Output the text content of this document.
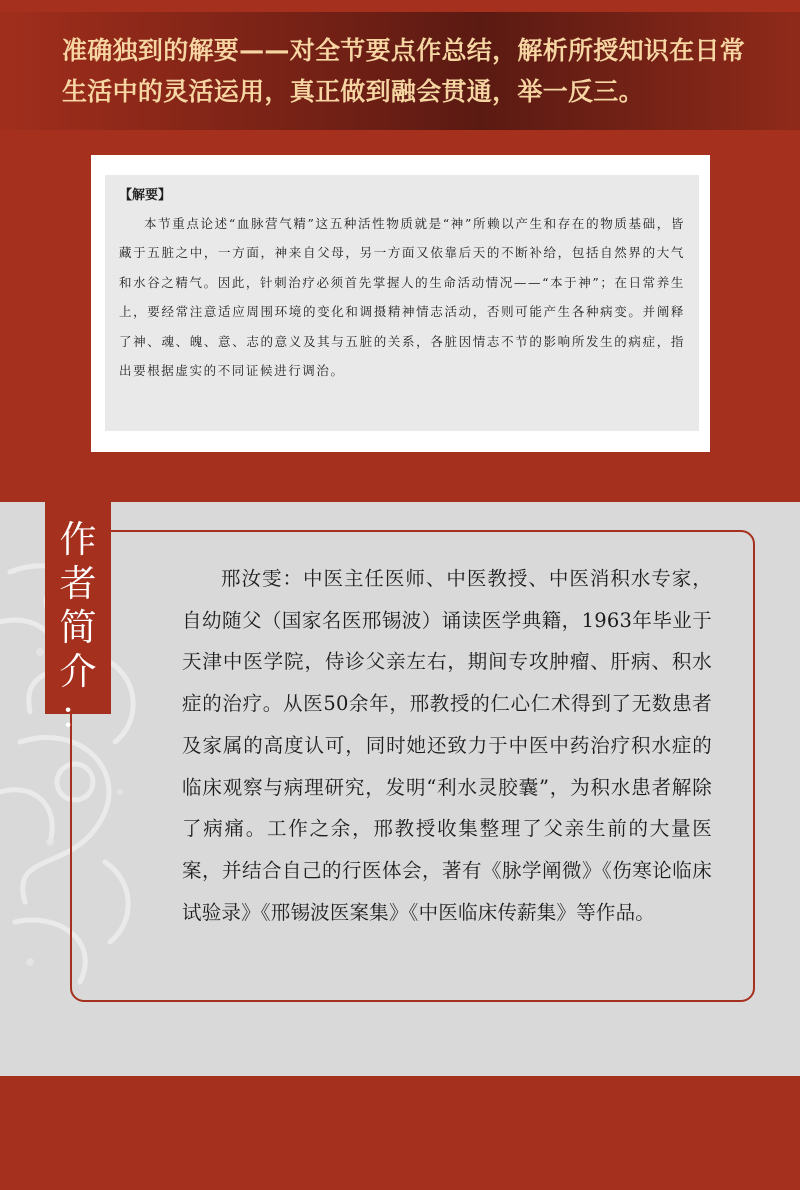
准确独到的解要——对全节要点作总结，解析所授知识在日常生活中的灵活运用，真正做到融会贯通，举一反三。
【解要】
本节重点论述“血脉营气精”这五种活性物质就是“神”所赖以产生和存在的物质基础，皆藏于五脏之中，一方面，神来自父母，另一方面又依靠后天的不断补给，包括自然界的大气和水谷之精气。因此，针刺治疗必须首先掌握人的生命活动情况——“本于神”；在日常养生上，要经常注意适应周围环境的变化和调摄精神情志活动，否则可能产生各种病变。并阐释了神、魂、魄、意、志的意义及其与五脏的关系，各脏因情志不节的影响所发生的病症，指出要根据虚实的不同证候进行调治。
作
者
简
介
：
邢汝雯：中医主任医师、中医教授、中医消积水专家，自幼随父（国家名医邢锡波）诵读医学典籍，1963年毕业于天津中医学院，侍诊父亲左右，期间专攻肿瘤、肝病、积水症的治疗。从医50余年，邢教授的仁心仁术得到了无数患者及家属的高度认可，同时她还致力于中医中药治疗积水症的临床观察与病理研究，发明“利水灵胶囊”，为积水患者解除了病痛。工作之余，邢教授收集整理了父亲生前的大量医案，并结合自己的行医体会，著有《脉学阐微》《伤寒论临床试验录》《邢锡波医案集》《中医临床传薪集》等作品。
